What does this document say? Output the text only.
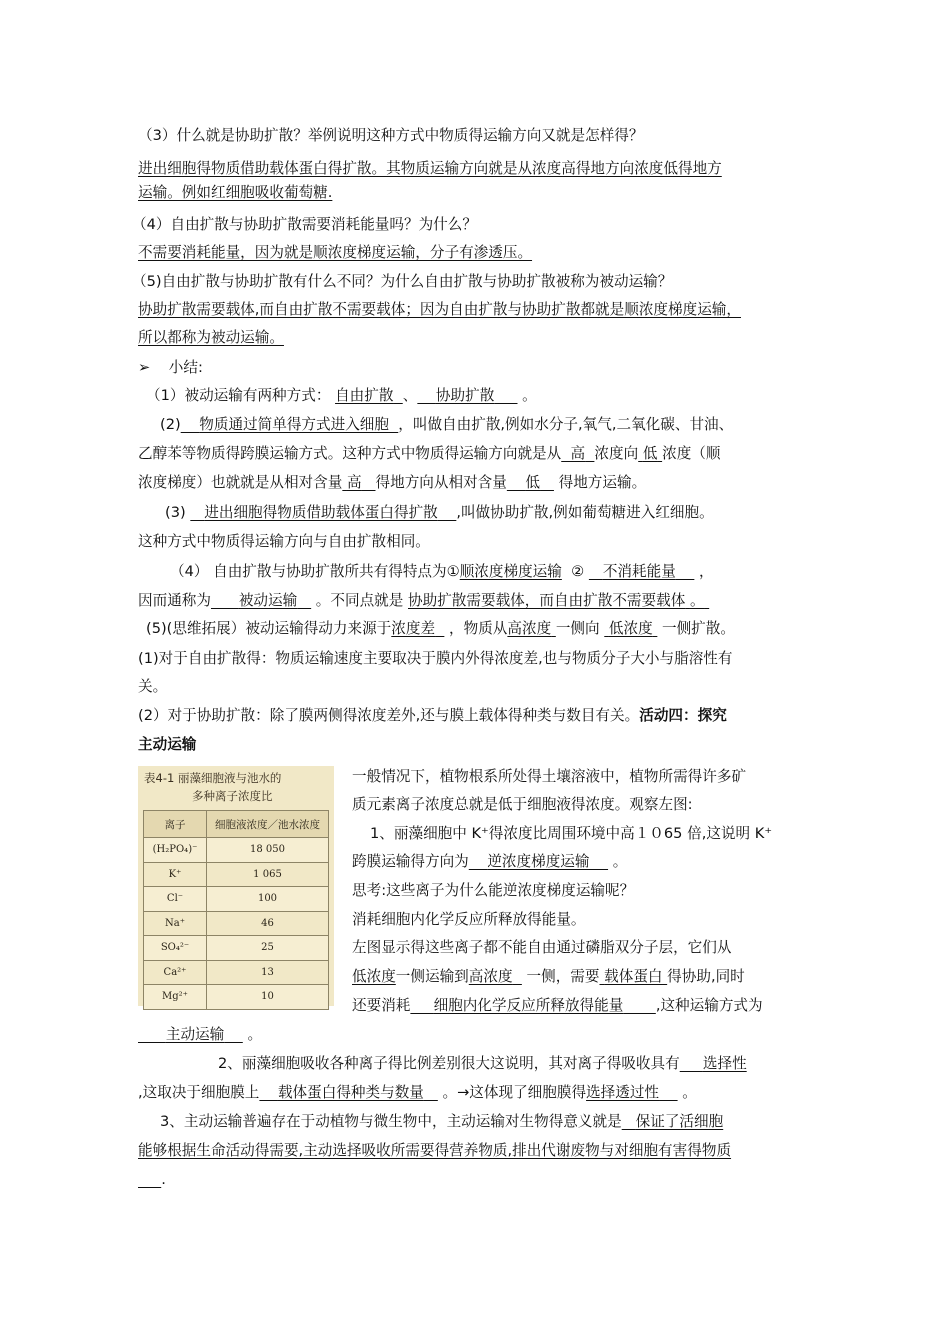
（3）什么就是协助扩散？举例说明这种方式中物质得运输方向又就是怎样得？
进出细胞得物质借助载体蛋白得扩散。其物质运输方向就是从浓度高得地方向浓度低得地方
运输。例如红细胞吸收葡萄糖.
（4）自由扩散与协助扩散需要消耗能量吗？为什么？
不需要消耗能量，因为就是顺浓度梯度运输，分子有渗透压。
（5)自由扩散与协助扩散有什么不同？为什么自由扩散与协助扩散被称为被动运输？
协助扩散需要载体,而自由扩散不需要载体；因为自由扩散与协助扩散都就是顺浓度梯度运输，
所以都称为被动运输。
➢ 小结:
（1）被动运输有两种方式： 自由扩散 、 协助扩散 。
(2) 物质通过简单得方式进入细胞 ，叫做自由扩散,例如水分子,氧气,二氧化碳、甘油、
乙醇苯等物质得跨膜运输方式。这种方式中物质得运输方向就是从 高 浓度向 低 浓度（顺
浓度梯度）也就就是从相对含量 高 得地方向从相对含量 低 得地方运输。
(3) 进出细胞得物质借助载体蛋白得扩散 ,叫做协助扩散,例如葡萄糖进入红细胞。
这种方式中物质得运输方向与自由扩散相同。
（4） 自由扩散与协助扩散所共有得特点为①顺浓度梯度运输 ② 不消耗能量 ，
因而通称为 被动运输 。不同点就是 协助扩散需要载体，而自由扩散不需要载体 。
(5)(思维拓展）被动运输得动力来源于浓度差 ，物质从高浓度 一侧向 低浓度 一侧扩散。
(1)对于自由扩散得：物质运输速度主要取决于膜内外得浓度差,也与物质分子大小与脂溶性有
关。
(2）对于协助扩散：除了膜两侧得浓度差外,还与膜上载体得种类与数目有关。活动四：探究
主动运输
表4-1 丽藻细胞液与池水的
多种离子浓度比
离子	细胞液浓度／池水浓度
(H₂PO₄)⁻	18 050
K⁺	1 065
Cl⁻	100
Na⁺	46
SO₄²⁻	25
Ca²⁺	13
Mg²⁺	10
一般情况下，植物根系所处得土壤溶液中，植物所需得许多矿
质元素离子浓度总就是低于细胞液得浓度。观察左图:
1、丽藻细胞中 K⁺得浓度比周围环境中高１０65 倍,这说明 K⁺
跨膜运输得方向为 逆浓度梯度运输 。
思考:这些离子为什么能逆浓度梯度运输呢？
消耗细胞内化学反应所释放得能量。
左图显示得这些离子都不能自由通过磷脂双分子层，它们从
低浓度一侧运输到高浓度 一侧，需要 载体蛋白 得协助,同时
还要消耗 细胞内化学反应所释放得能量 ,这种运输方式为
主动运输 。
2、丽藻细胞吸收各种离子得比例差别很大这说明，其对离子得吸收具有 选择性
,这取决于细胞膜上 载体蛋白得种类与数量 。→这体现了细胞膜得选择透过性 。
3、主动运输普遍存在于动植物与微生物中，主动运输对生物得意义就是 保证了活细胞
能够根据生命活动得需要,主动选择吸收所需要得营养物质,排出代谢废物与对细胞有害得物质
.
